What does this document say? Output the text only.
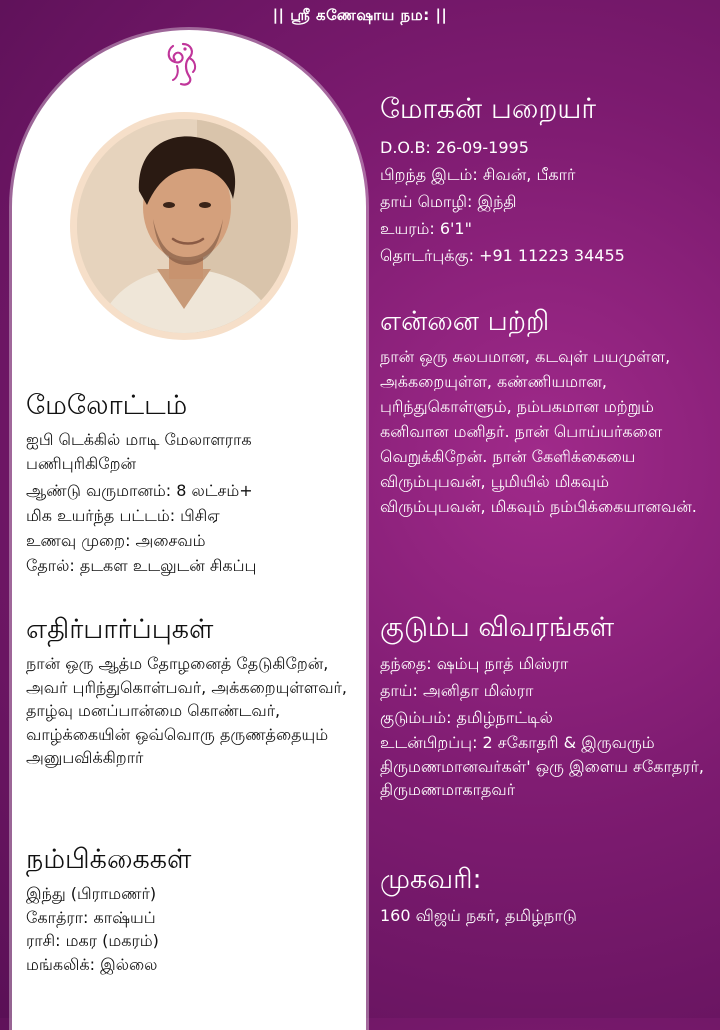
|| ஸ்ரீ கணேஷாய நம: ||
மோகன் பறையர்
D.O.B: 26-09-1995
பிறந்த இடம்: சிவன், பீகார்
தாய் மொழி: இந்தி
உயரம்: 6'1"
தொடர்புக்கு: +91 11223 34455
என்னை பற்றி
நான் ஒரு சுலபமான, கடவுள் பயமுள்ள, அக்கறையுள்ள, கண்ணியமான, புரிந்துகொள்ளும், நம்பகமான மற்றும் கனிவான மனிதர். நான் பொய்யர்களை வெறுக்கிறேன். நான் கேளிக்கையை விரும்புபவன், பூமியில் மிகவும் விரும்புபவன், மிகவும் நம்பிக்கையானவன்.
குடும்ப விவரங்கள்
தந்தை: ஷம்பு நாத் மிஸ்ரா
தாய்: அனிதா மிஸ்ரா
குடும்பம்: தமிழ்நாட்டில்
உடன்பிறப்பு: 2 சகோதரி & இருவரும் திருமணமானவர்கள்' ஒரு இளைய சகோதரர், திருமணமாகாதவர்
முகவரி:
160 விஜய் நகர், தமிழ்நாடு
மேலோட்டம்
ஐபி டெக்கில் மாடி மேலாளராக பணிபுரிகிறேன்
ஆண்டு வருமானம்: 8 லட்சம்+
மிக உயர்ந்த பட்டம்: பிசிஏ
உணவு முறை: அசைவம்
தோல்: தடகள உடலுடன் சிகப்பு
எதிர்பார்ப்புகள்
நான் ஒரு ஆத்ம தோழனைத் தேடுகிறேன், அவர் புரிந்துகொள்பவர், அக்கறையுள்ளவர், தாழ்வு மனப்பான்மை கொண்டவர், வாழ்க்கையின் ஒவ்வொரு தருணத்தையும் அனுபவிக்கிறார்
நம்பிக்கைகள்
இந்து (பிராமணர்)
கோத்ரா: காஷ்யப்
ராசி: மகர (மகரம்)
மங்கலிக்: இல்லை
